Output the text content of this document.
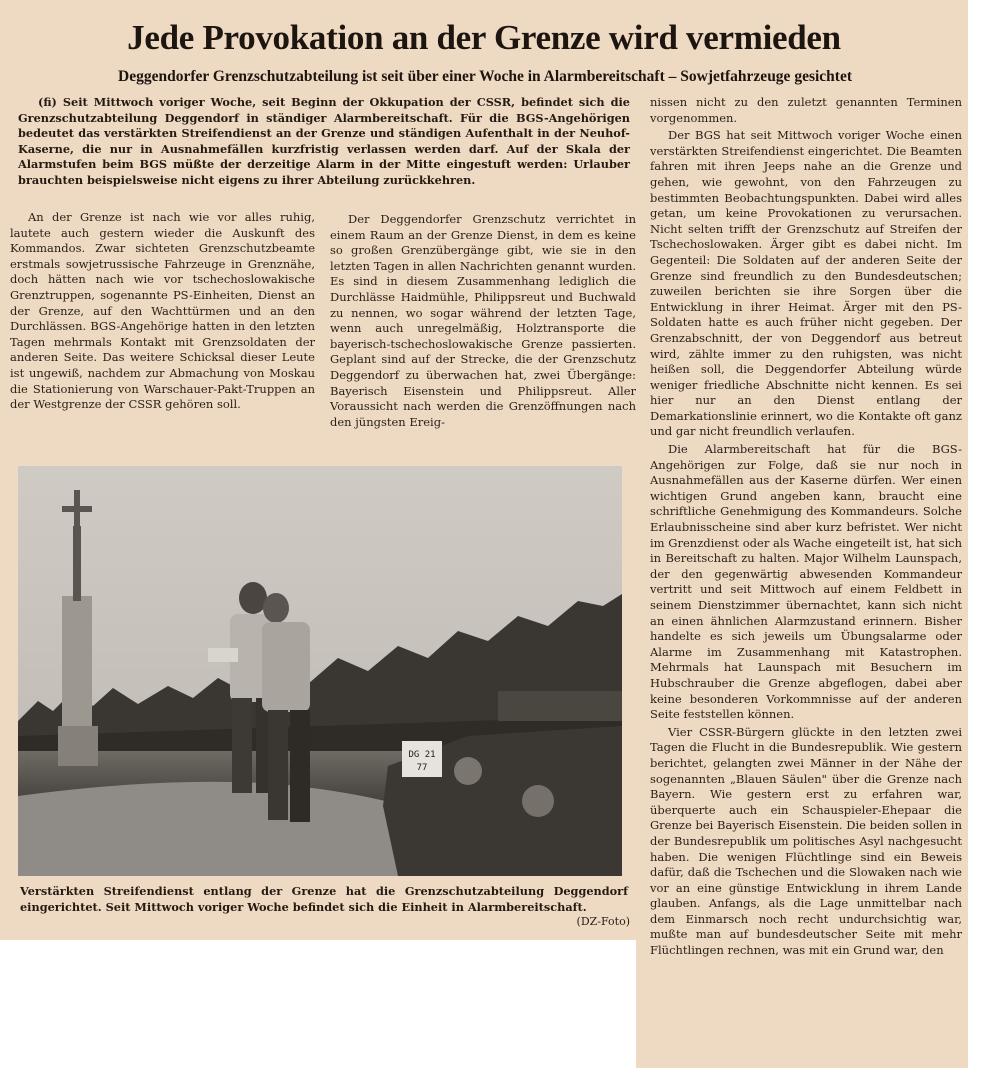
Jede Provokation an der Grenze wird vermieden
Deggendorfer Grenzschutzabteilung ist seit über einer Woche in Alarmbereitschaft – Sowjetfahrzeuge gesichtet
(fi) Seit Mittwoch voriger Woche, seit Beginn der Okkupation der CSSR, befindet sich die Grenzschutzabteilung Deggendorf in ständiger Alarmbereitschaft. Für die BGS-Angehörigen bedeutet das verstärkten Streifendienst an der Grenze und ständigen Aufenthalt in der Neuhof-Kaserne, die nur in Ausnahmefällen kurzfristig verlassen werden darf. Auf der Skala der Alarmstufen beim BGS müßte der derzeitige Alarm in der Mitte eingestuft werden: Urlauber brauchten beispielsweise nicht eigens zu ihrer Abteilung zurückkehren.

An der Grenze ist nach wie vor alles ruhig, lautete auch gestern wieder die Auskunft des Kommandos. Zwar sichteten Grenzschutzbeamte erstmals sowjetrussische Fahrzeuge in Grenznähe, doch hätten nach wie vor tschechoslowakische Grenztruppen, sogenannte PS-Einheiten, Dienst an der Grenze, auf den Wachttürmen und an den Durchlässen. BGS-Angehörige hatten in den letzten Tagen mehrmals Kontakt mit Grenzsoldaten der anderen Seite. Das weitere Schicksal dieser Leute ist ungewiß, nachdem zur Abmachung von Moskau die Stationierung von Warschauer-Pakt-Truppen an der Westgrenze der CSSR gehören soll.

Der Deggendorfer Grenzschutz verrichtet in einem Raum an der Grenze Dienst, in dem es keine so großen Grenzübergänge gibt, wie sie in den letzten Tagen in allen Nachrichten genannt wurden. Es sind in diesem Zusammenhang lediglich die Durchlässe Haidmühle, Philippsreut und Buchwald zu nennen, wo sogar während der letzten Tage, wenn auch unregelmäßig, Holztransporte die bayerisch-tschechoslowakische Grenze passierten. Geplant sind auf der Strecke, die der Grenzschutz Deggendorf zu überwachen hat, zwei Übergänge: Bayerisch Eisenstein und Philippsreut. Aller Voraussicht nach werden die Grenzöffnungen nach den jüngsten Ereig-

nissen nicht zu den zuletzt genannten Terminen vorgenommen.

Der BGS hat seit Mittwoch voriger Woche einen verstärkten Streifendienst eingerichtet. Die Beamten fahren mit ihren Jeeps nahe an die Grenze und gehen, wie gewohnt, von den Fahrzeugen zu bestimmten Beobachtungspunkten. Dabei wird alles getan, um keine Provokationen zu verursachen. Nicht selten trifft der Grenzschutz auf Streifen der Tschechoslowaken. Ärger gibt es dabei nicht. Im Gegenteil: Die Soldaten auf der anderen Seite der Grenze sind freundlich zu den Bundesdeutschen; zuweilen berichten sie ihre Sorgen über die Entwicklung in ihrer Heimat. Ärger mit den PS-Soldaten hatte es auch früher nicht gegeben. Der Grenzabschnitt, der von Deggendorf aus betreut wird, zählte immer zu den ruhigsten, was nicht heißen soll, die Deggendorfer Abteilung würde weniger friedliche Abschnitte nicht kennen. Es sei hier nur an den Dienst entlang der Demarkationslinie erinnert, wo die Kontakte oft ganz und gar nicht freundlich verlaufen.

Die Alarmbereitschaft hat für die BGS-Angehörigen zur Folge, daß sie nur noch in Ausnahmefällen aus der Kaserne dürfen. Wer einen wichtigen Grund angeben kann, braucht eine schriftliche Genehmigung des Kommandeurs. Solche Erlaubnisscheine sind aber kurz befristet. Wer nicht im Grenzdienst oder als Wache eingeteilt ist, hat sich in Bereitschaft zu halten. Major Wilhelm Launspach, der den gegenwärtig abwesenden Kommandeur vertritt und seit Mittwoch auf einem Feldbett in seinem Dienstzimmer übernachtet, kann sich nicht an einen ähnlichen Alarmzustand erinnern. Bisher handelte es sich jeweils um Übungsalarme oder Alarme im Zusammenhang mit Katastrophen. Mehrmals hat Launspach mit Besuchern im Hubschrauber die Grenze abgeflogen, dabei aber keine besonderen Vorkommnisse auf der anderen Seite feststellen können.

Vier CSSR-Bürgern glückte in den letzten zwei Tagen die Flucht in die Bundesrepublik. Wie gestern berichtet, gelangten zwei Männer in der Nähe der sogenannten „Blauen Säulen" über die Grenze nach Bayern. Wie gestern erst zu erfahren war, überquerte auch ein Schauspieler-Ehepaar die Grenze bei Bayerisch Eisenstein. Die beiden sollen in der Bundesrepublik um politisches Asyl nachgesucht haben. Die wenigen Flüchtlinge sind ein Beweis dafür, daß die Tschechen und die Slowaken nach wie vor an eine günstige Entwicklung in ihrem Lande glauben. Anfangs, als die Lage unmittelbar nach dem Einmarsch noch recht undurchsichtig war, mußte man auf bundesdeutscher Seite mit mehr Flüchtlingen rechnen, was mit ein Grund war, den

DG 21
77
Verstärkten Streifendienst entlang der Grenze hat die Grenzschutzabteilung Deggendorf eingerichtet. Seit Mittwoch voriger Woche befindet sich die Einheit in Alarmbereitschaft.
(DZ-Foto)
